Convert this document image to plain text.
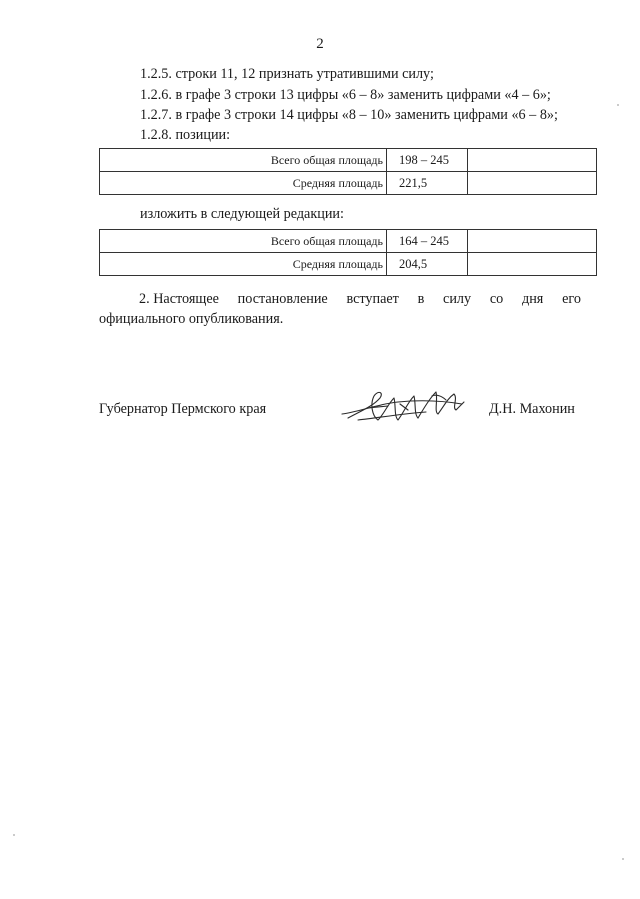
2
1.2.5. строки 11, 12 признать утратившими силу;
1.2.6. в графе 3 строки 13 цифры «6 – 8» заменить цифрами «4 – 6»;
1.2.7. в графе 3 строки 14 цифры «8 – 10» заменить цифрами «6 – 8»;
1.2.8. позиции:
Всего общая площадь	198 – 245	
Средняя площадь	221,5	
изложить в следующей редакции:
Всего общая площадь	164 – 245	
Средняя площадь	204,5	
2. Настоящее постановление вступает в силу со дня его
официального опубликования.
Губернатор Пермского края	Д.Н. Махонин
